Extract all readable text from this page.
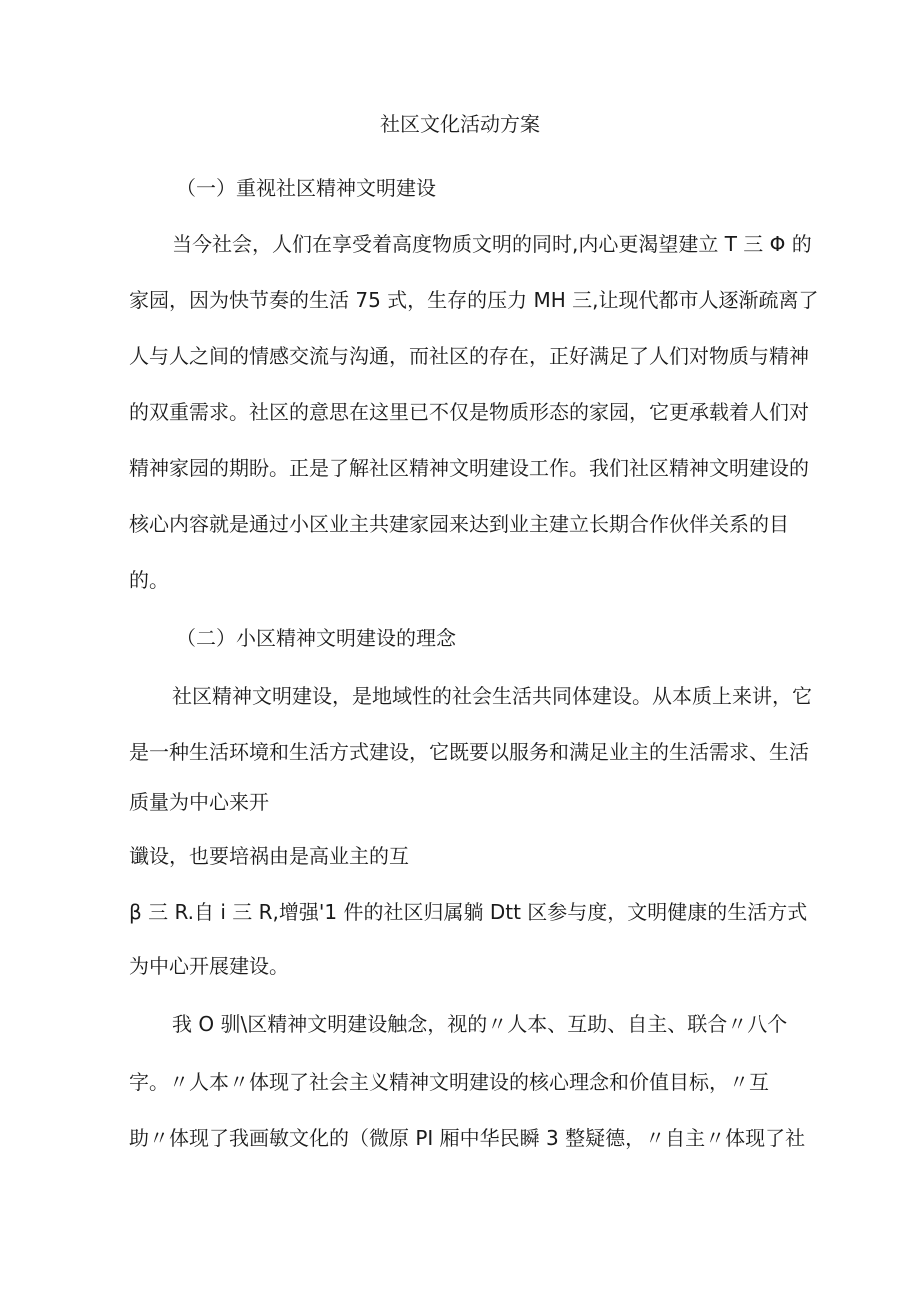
社区文化活动方案
（一）重视社区精神文明建设

当今社会，人们在享受着高度物质文明的同时,内心更渴望建立 T 三 Φ 的

家园，因为快节奏的生活 75 式，生存的压力 MH 三,让现代都市人逐渐疏离了

人与人之间的情感交流与沟通，而社区的存在，正好满足了人们对物质与精神

的双重需求。社区的意思在这里已不仅是物质形态的家园，它更承载着人们对

精神家园的期盼。正是了解社区精神文明建设工作。我们社区精神文明建设的

核心内容就是通过小区业主共建家园来达到业主建立长期合作伙伴关系的目

的。

（二）小区精神文明建设的理念

社区精神文明建设，是地域性的社会生活共同体建设。从本质上来讲，它

是一种生活环境和生活方式建设，它既要以服务和满足业主的生活需求、生活

质量为中心来开

谶设，也要培祸由是高业主的互

β 三 R.自 i 三 R,增强'1 件的社区归属躺 Dtt 区参与度，文明健康的生活方式

为中心开展建设。

我 O 驯\区精神文明建设触念，视的〃人本、互助、自主、联合〃八个

字。〃人本〃体现了社会主义精神文明建设的核心理念和价值目标，〃互

助〃体现了我画敏文化的（微原 PI 厢中华民瞬 3 整疑德，〃自主〃体现了社
